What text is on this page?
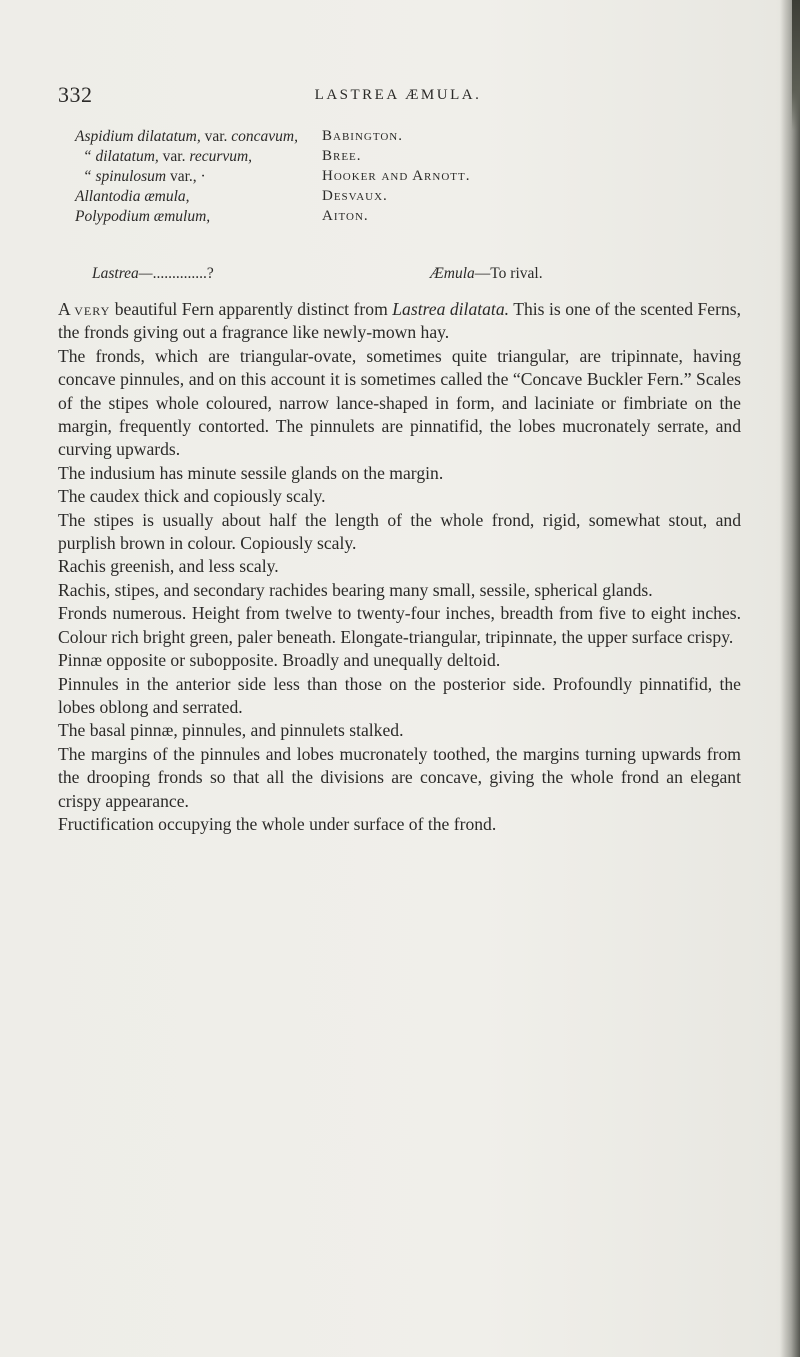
332	LASTREA ÆMULA.
Aspidium dilatatum, var. concavum, Babington.
“ dilatatum, var. recurvum,	Bree.
“ spinulosum var., ·	Hooker and Arnott.
Allantodia æmula,	Desvaux.
Polypodium æmulum,	Aiton.
Lastrea—..............?	Æmula—To rival.

A very beautiful Fern apparently distinct from Lastrea dilatata. This is one of the scented Ferns, the fronds giving out a fragrance like newly-mown hay.

The fronds, which are triangular-ovate, sometimes quite triangular, are tripinnate, having concave pinnules, and on this account it is sometimes called the “Concave Buckler Fern.” Scales of the stipes whole coloured, narrow lance-shaped in form, and laciniate or fimbriate on the margin, frequently contorted. The pinnulets are pinnatifid, the lobes mucronately serrate, and curving upwards.

The indusium has minute sessile glands on the margin.

The caudex thick and copiously scaly.

The stipes is usually about half the length of the whole frond, rigid, somewhat stout, and purplish brown in colour. Copiously scaly.

Rachis greenish, and less scaly.

Rachis, stipes, and secondary rachides bearing many small, sessile, spherical glands.

Fronds numerous. Height from twelve to twenty-four inches, breadth from five to eight inches. Colour rich bright green, paler beneath. Elongate-triangular, tripinnate, the upper surface crispy.

Pinnæ opposite or subopposite. Broadly and unequally deltoid.

Pinnules in the anterior side less than those on the posterior side. Profoundly pinnatifid, the lobes oblong and serrated.

The basal pinnæ, pinnules, and pinnulets stalked.

The margins of the pinnules and lobes mucronately toothed, the margins turning upwards from the drooping fronds so that all the divisions are concave, giving the whole frond an elegant crispy appearance.

Fructification occupying the whole under surface of the frond.
